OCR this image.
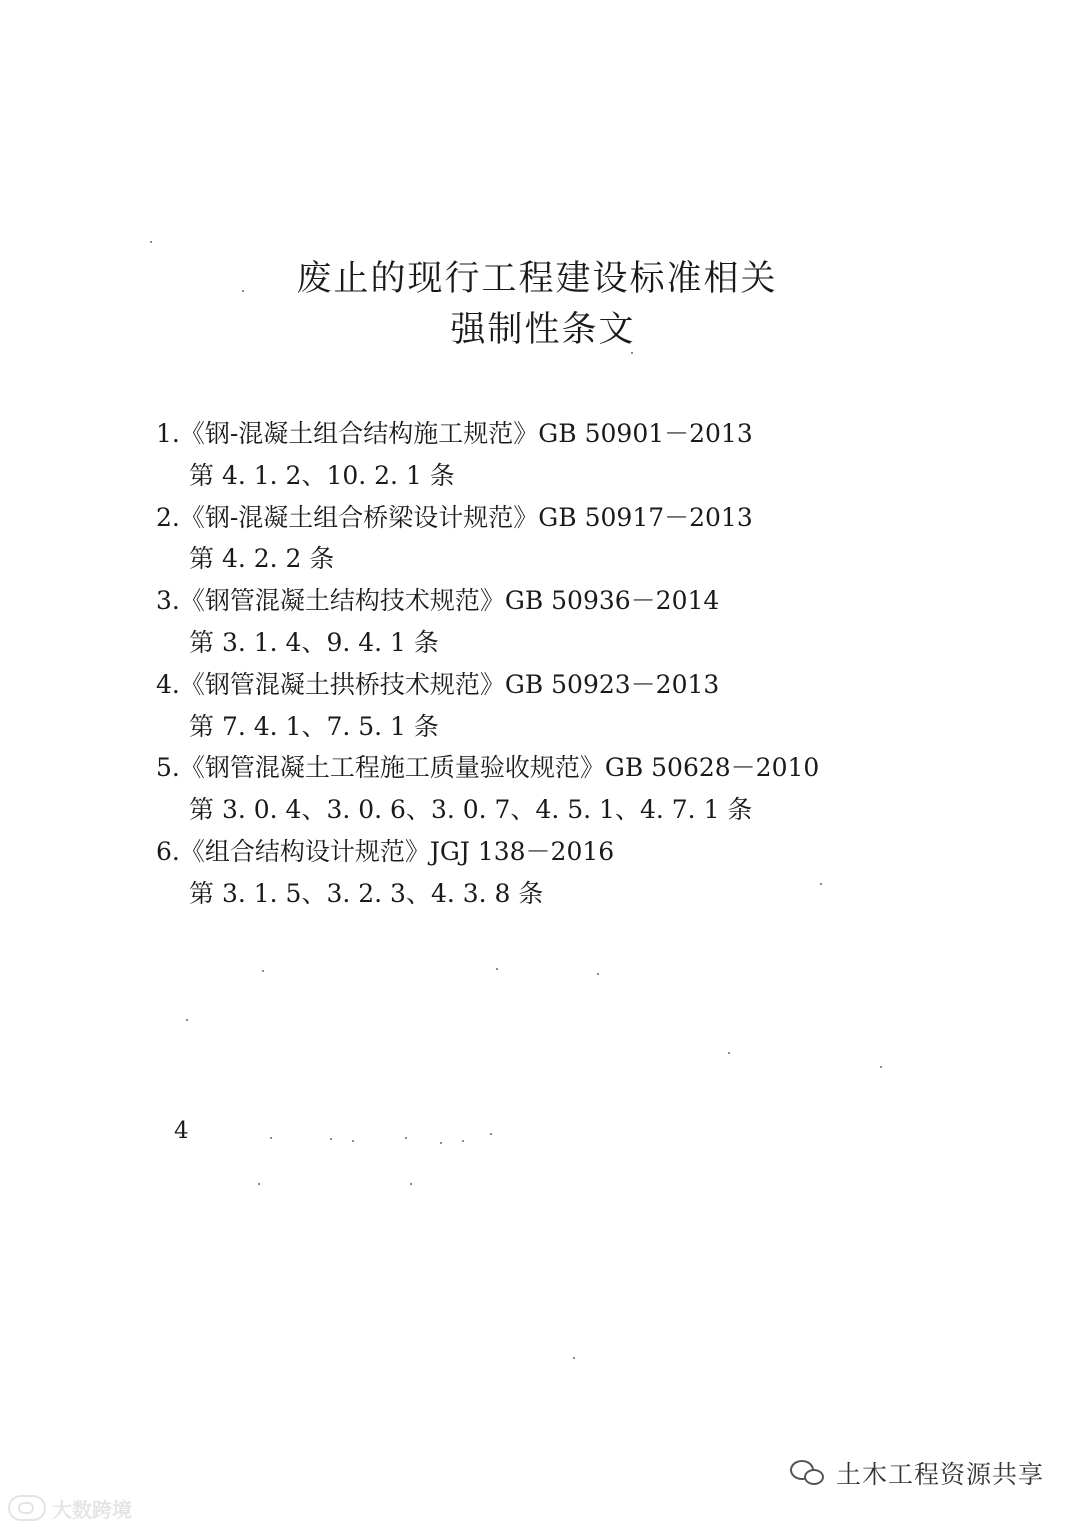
废止的现行工程建设标准相关
强制性条文
1.《钢-混凝土组合结构施工规范》GB 50901－2013
第 4. 1. 2、10. 2. 1 条
2.《钢-混凝土组合桥梁设计规范》GB 50917－2013
第 4. 2. 2 条
3.《钢管混凝土结构技术规范》GB 50936－2014
第 3. 1. 4、9. 4. 1 条
4.《钢管混凝土拱桥技术规范》GB 50923－2013
第 7. 4. 1、7. 5. 1 条
5.《钢管混凝土工程施工质量验收规范》GB 50628－2010
第 3. 0. 4、3. 0. 6、3. 0. 7、4. 5. 1、4. 7. 1 条
6.《组合结构设计规范》JGJ 138－2016
第 3. 1. 5、3. 2. 3、4. 3. 8 条
4
大数跨境
土木工程资源共享
